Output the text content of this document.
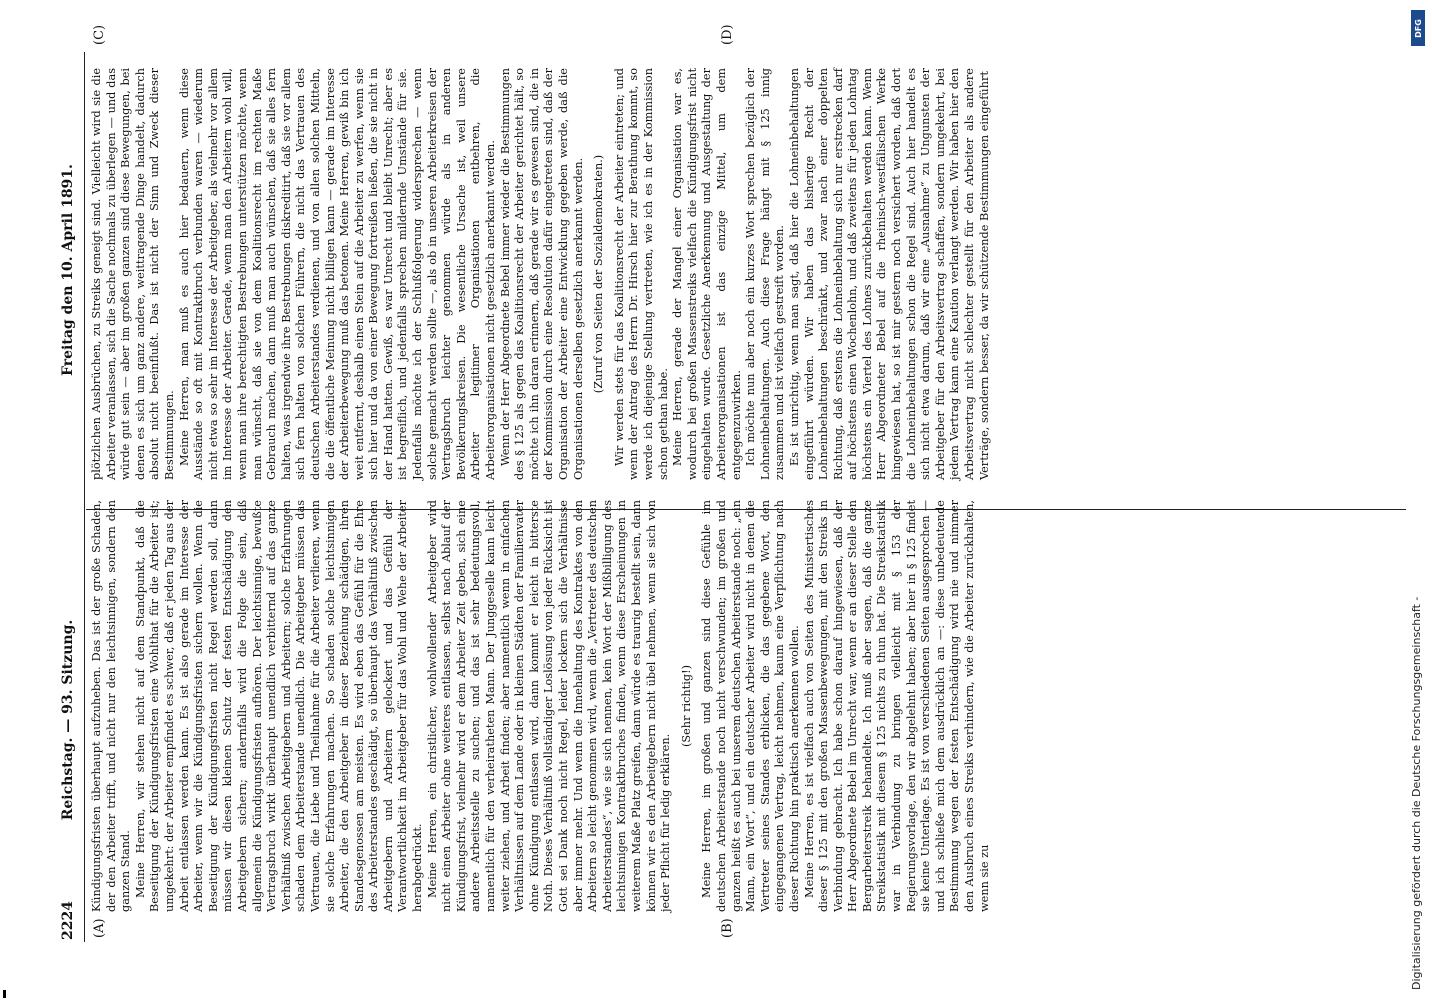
2224
Reichstag. — 93. Sitzung.
Freitag den 10. April 1891.
(A)	(B)
(C)	(D)

Kündigungsfristen überhaupt aufzuheben. Das ist der große Schaden, der den Arbeiter trifft, und nicht nur den leichtsinnigen, sondern den ganzen Stand. Meine Herren, wir stehen nicht auf dem Standpunkt, daß die Beseitigung der Kündigungsfristen eine Wohlthat für die Arbeiter ist; umgekehrt: der Arbeiter empfindet es schwer, daß er jeden Tag aus der Arbeit entlassen werden kann. Es ist also gerade im Interesse der Arbeiter, wenn wir die Kündigungsfristen sichern wollen. Wenn die Beseitigung der Kündigungsfristen nicht Regel werden soll, dann müssen wir diesen kleinen Schutz der festen Entschädigung den Arbeitgebern sichern; andernfalls wird die Folge die sein, daß allgemein die Kündigungsfristen aufhören. Der leichtsinnige, bewußte Vertragsbruch wirkt überhaupt unendlich verbitternd auf das ganze Verhältniß zwischen Arbeitgebern und Arbeitern; solche Erfahrungen schaden dem Arbeiterstande unendlich. Die Arbeitgeber müssen das Vertrauen, die Liebe und Theilnahme für die Arbeiter verlieren, wenn sie solche Erfahrungen machen. So schaden solche leichtsinnigen Arbeiter, die den Arbeitgeber in dieser Beziehung schädigen, ihren Standesgenossen am meisten. Es wird eben das Gefühl für die Ehre des Arbeiterstandes geschädigt, so überhaupt das Verhältniß zwischen Arbeitgebern und Arbeitern gelockert und das Gefühl der Verantwortlichkeit im Arbeitgeber für das Wohl und Wehe der Arbeiter herabgedrückt. Meine Herren, ein christlicher, wohlwollender Arbeitgeber wird nicht einen Arbeiter ohne weiteres entlassen, selbst nach Ablauf der Kündigungsfrist, vielmehr wird er dem Arbeiter Zeit geben, sich eine andere Arbeitsstelle zu suchen; und das ist sehr bedeutungsvoll, namentlich für den verheiratheten Mann. Der Junggeselle kann leicht weiter ziehen, und Arbeit finden; aber namentlich wenn in einfachen Verhältnissen auf dem Lande oder in kleinen Städten der Familienvater ohne Kündigung entlassen wird, dann kommt er leicht in bitterste Noth. Dieses Verhältniß vollständiger Loslösung von jeder Rücksicht ist Gott sei Dank noch nicht Regel, leider lockern sich die Verhältnisse aber immer mehr. Und wenn die Innehaltung des Kontraktes von den Arbeitern so leicht genommen wird, wenn die „Vertreter des deutschen Arbeiterstandes“, wie sie sich nennen, kein Wort der Mißbilligung des leichtsinnigen Kontraktbruches finden, wenn diese Erscheinungen in weiterem Maße Platz greifen, dann würde es traurig bestellt sein, dann können wir es den Arbeitgebern nicht übel nehmen, wenn sie sich von jeder Pflicht für ledig erklären.

(Sehr richtig!) Meine Herren, im großen und ganzen sind diese Gefühle im deutschen Arbeiterstande noch nicht verschwunden; im großen und ganzen heißt es auch bei unserem deutschen Arbeiterstande noch: „ein Mann, ein Wort“, und ein deutscher Arbeiter wird nicht in denen die Vertreter seines Standes erblicken, die das gegebene Wort, den eingegangenen Vertrag, leicht nehmen, kaum eine Verpflichtung nach dieser Richtung hin praktisch anerkennen wollen. Meine Herren, es ist vielfach auch von Seiten des Ministertisches dieser § 125 mit den großen Massenbewegungen, mit den Streiks in Verbindung gebracht. Ich habe schon darauf hingewiesen, daß der Herr Abgeordnete Bebel im Unrecht war, wenn er an dieser Stelle den Bergarbeiterstreik behandelte. Ich muß aber sagen, daß die ganze Streikstatistik mit diesem § 125 nichts zu thun hat. Die Streikstatistik war in Verbindung zu bringen vielleicht mit § 153 der Regierungsvorlage, den wir abgelehnt haben; aber hier in § 125 findet sie keine Unterlage. Es ist von verschiedenen Seiten ausgesprochen — und ich schließe mich dem ausdrücklich an —: diese unbedeutende Bestimmung wegen der festen Entschädigung wird nie und nimmer den Ausbruch eines Streiks verhindern, wie die Arbeiter zurückhalten, wenn sie zu

plötzlichen Ausbrüchen, zu Streiks geneigt sind. Vielleicht wird sie die Arbeiter veranlassen, sich die Sache nochmals zu überlegen — und das würde gut sein — aber im großen ganzen sind diese Bewegungen, bei denen es sich um ganz andere, weittragende Dinge handelt, dadurch absolut nicht beeinflußt. Das ist nicht der Sinn und Zweck dieser Bestimmungen. Meine Herren, man muß es auch hier bedauern, wenn diese Ausstände so oft mit Kontraktbruch verbunden waren — wiederum nicht etwa so sehr im Interesse der Arbeitgeber, als vielmehr vor allem im Interesse der Arbeiter. Gerade, wenn man den Arbeitern wohl will, wenn man ihre berechtigten Bestrebungen unterstützen möchte, wenn man wünscht, daß sie von dem Koalitionsrecht im rechten Maße Gebrauch machen, dann muß man auch wünschen, daß sie alles fern halten, was irgendwie ihre Bestrebungen diskreditirt, daß sie vor allem sich fern halten von solchen Führern, die nicht das Vertrauen des deutschen Arbeiterstandes verdienen, und von allen solchen Mitteln, die die öffentliche Meinung nicht billigen kann — gerade im Interesse der Arbeiterbewegung muß das betonen. Meine Herren, gewiß bin ich weit entfernt, deshalb einen Stein auf die Arbeiter zu werfen, wenn sie sich hier und da von einer Bewegung fortreißen ließen, die sie nicht in der Hand hatten. Gewiß, es war Unrecht und bleibt Unrecht; aber es ist begreiflich, und jedenfalls sprechen mildernde Umstände für sie. Jedenfalls möchte ich der Schlußfolgerung widersprechen — wenn solche gemacht werden sollte —, als ob in unseren Arbeiterkreisen der Vertragsbruch leichter genommen würde als in anderen Bevölkerungskreisen. Die wesentliche Ursache ist, weil unsere Arbeiter legitimer Organisationen entbehren, die Arbeiterorganisationen nicht gesetzlich anerkannt werden. Wenn der Herr Abgeordnete Bebel immer wieder die Bestimmungen des § 125 als gegen das Koalitionsrecht der Arbeiter gerichtet hält, so möchte ich ihn daran erinnern, daß gerade wir es gewesen sind, die in der Kommission durch eine Resolution dafür eingetreten sind, daß der Organisation der Arbeiter eine Entwicklung gegeben werde, daß die Organisationen derselben gesetzlich anerkannt werden. (Zuruf von Seiten der Sozialdemokraten.) Wir werden stets für das Koalitionsrecht der Arbeiter eintreten; und wenn der Antrag des Herrn Dr. Hirsch hier zur Berathung kommt, so werde ich diejenige Stellung vertreten, wie ich es in der Kommission schon gethan habe. Meine Herren, gerade der Mangel einer Organisation war es, wodurch bei großen Massenstreiks vielfach die Kündigungsfrist nicht eingehalten wurde. Gesetzliche Anerkennung und Ausgestaltung der Arbeiterorganisationen ist das einzige Mittel, um dem entgegenzuwirken. Ich möchte nun aber noch ein kurzes Wort sprechen bezüglich der Lohneinbehaltungen. Auch diese Frage hängt mit § 125 innig zusammen und ist vielfach gestreift worden. Es ist unrichtig, wenn man sagt, daß hier die Lohneinbehaltungen eingeführt würden. Wir haben das bisherige Recht der Lohneinbehaltungen beschränkt, und zwar nach einer doppelten Richtung, daß erstens die Lohneinbehaltung sich nur erstrecken darf auf höchstens einen Wochenlohn, und daß zweitens für jeden Lohntag höchstens ein Viertel des Lohnes zurückbehalten werden kann. Wenn Herr Abgeordneter Bebel auf die rheinisch-westfälischen Werke hingewiesen hat, so ist mir gestern noch versichert worden, daß dort die Lohneinbehaltungen schon die Regel sind. Auch hier handelt es sich nicht etwa darum, daß wir eine „Ausnahme“ zu Ungunsten der Arbeitgeber für den Arbeitsvertrag schaffen, sondern umgekehrt, bei jedem Vertrag kann eine Kaution verlangt werden. Wir haben hier den Arbeitsvertrag nicht schlechter gestellt für den Arbeiter als andere Verträge, sondern besser, da wir schützende Bestimmungen eingeführt

DFG
Digitalisierung gefördert durch die Deutsche Forschungsgemeinschaft -
